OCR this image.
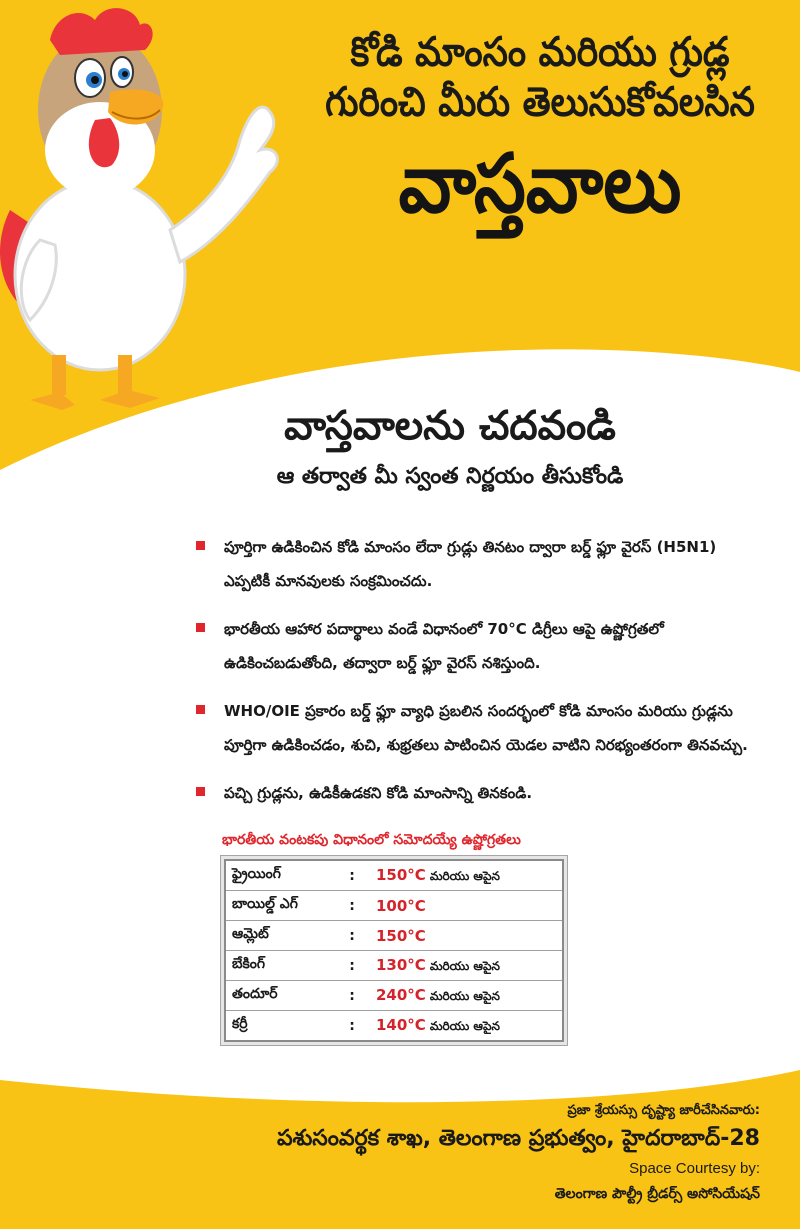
కోడి మాంసం మరియు గ్రుడ్ల
గురించి మీరు తెలుసుకోవలసిన
వాస్తవాలు
వాస్తవాలను చదవండి
ఆ తర్వాత మీ స్వంత నిర్ణయం తీసుకోండి
పూర్తిగా ఉడికించిన కోడి మాంసం లేదా గ్రుడ్లు తినటం ద్వారా బర్డ్ ఫ్లూ వైరస్ (H5N1) ఎప్పటికీ మానవులకు సంక్రమించదు.
భారతీయ ఆహార పదార్థాలు వండే విధానంలో 70°C డిగ్రీలు ఆపై ఉష్ణోగ్రతలో ఉడికించబడుతోంది, తద్వారా బర్డ్ ఫ్లూ వైరస్ నశిస్తుంది.
WHO/OIE ప్రకారం బర్డ్ ఫ్లూ వ్యాధి ప్రబలిన సందర్భంలో కోడి మాంసం మరియు గ్రుడ్లను పూర్తిగా ఉడికించడం, శుచి, శుభ్రతలు పాటించిన యెడల వాటిని నిరభ్యంతరంగా తినవచ్చు.
పచ్చి గ్రుడ్లను, ఉడికీఉడకని కోడి మాంసాన్ని తినకండి.
భారతీయ వంటకపు విధానంలో సమోదయ్యే ఉష్ణోగ్రతలు
ఫ్రైయింగ్	:	150°C మరియు ఆపైన
బాయిల్డ్ ఎగ్	:	100°C
ఆమ్లెట్	:	150°C
బేకింగ్	:	130°C మరియు ఆపైన
తందూర్	:	240°C మరియు ఆపైన
కర్రీ	:	140°C మరియు ఆపైన
ప్రజా శ్రేయస్సు దృష్ట్యా జారీచేసినవారు:
పశుసంవర్థక శాఖ, తెలంగాణ ప్రభుత్వం, హైదరాబాద్-28
Space Courtesy by:
తెలంగాణ పౌల్ట్రీ బ్రీడర్స్ అసోసియేషన్
